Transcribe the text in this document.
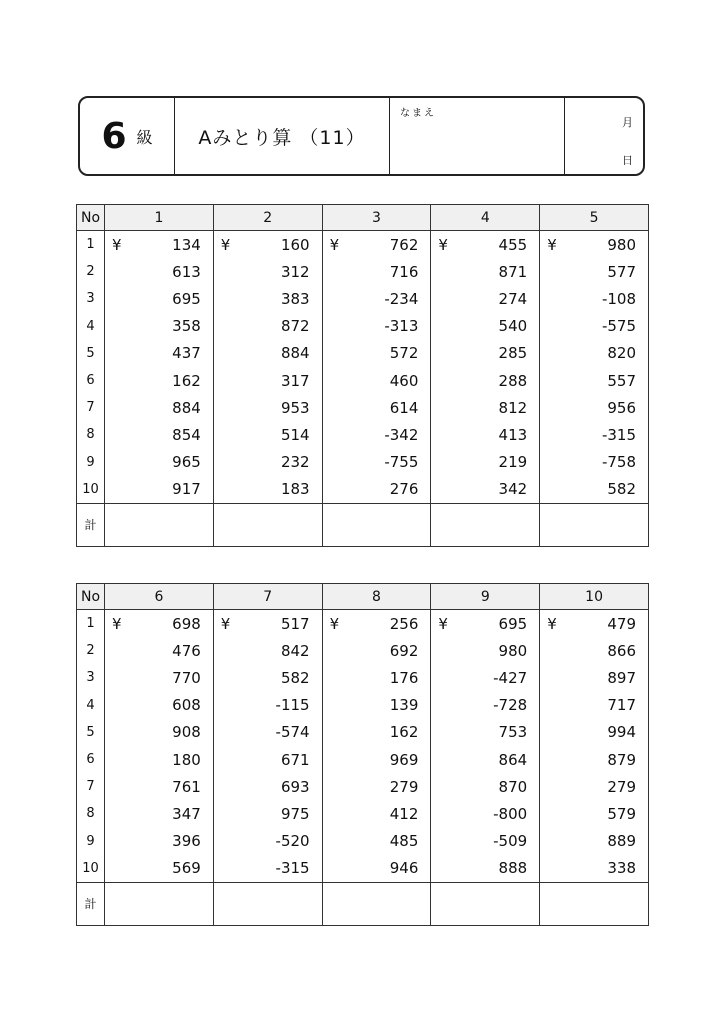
6 級	Aみとり算 （11）
なまえ
月
日
No	1	2	3	4	5
1	¥ 134	¥ 160	¥ 762	¥ 455	¥ 980
2	613	312	716	871	577
3	695	383	-234	274	-108
4	358	872	-313	540	-575
5	437	884	572	285	820
6	162	317	460	288	557
7	884	953	614	812	956
8	854	514	-342	413	-315
9	965	232	-755	219	-758
10	917	183	276	342	582
計					
No	6	7	8	9	10
1	¥ 698	¥ 517	¥ 256	¥ 695	¥ 479
2	476	842	692	980	866
3	770	582	176	-427	897
4	608	-115	139	-728	717
5	908	-574	162	753	994
6	180	671	969	864	879
7	761	693	279	870	279
8	347	975	412	-800	579
9	396	-520	485	-509	889
10	569	-315	946	888	338
計					
